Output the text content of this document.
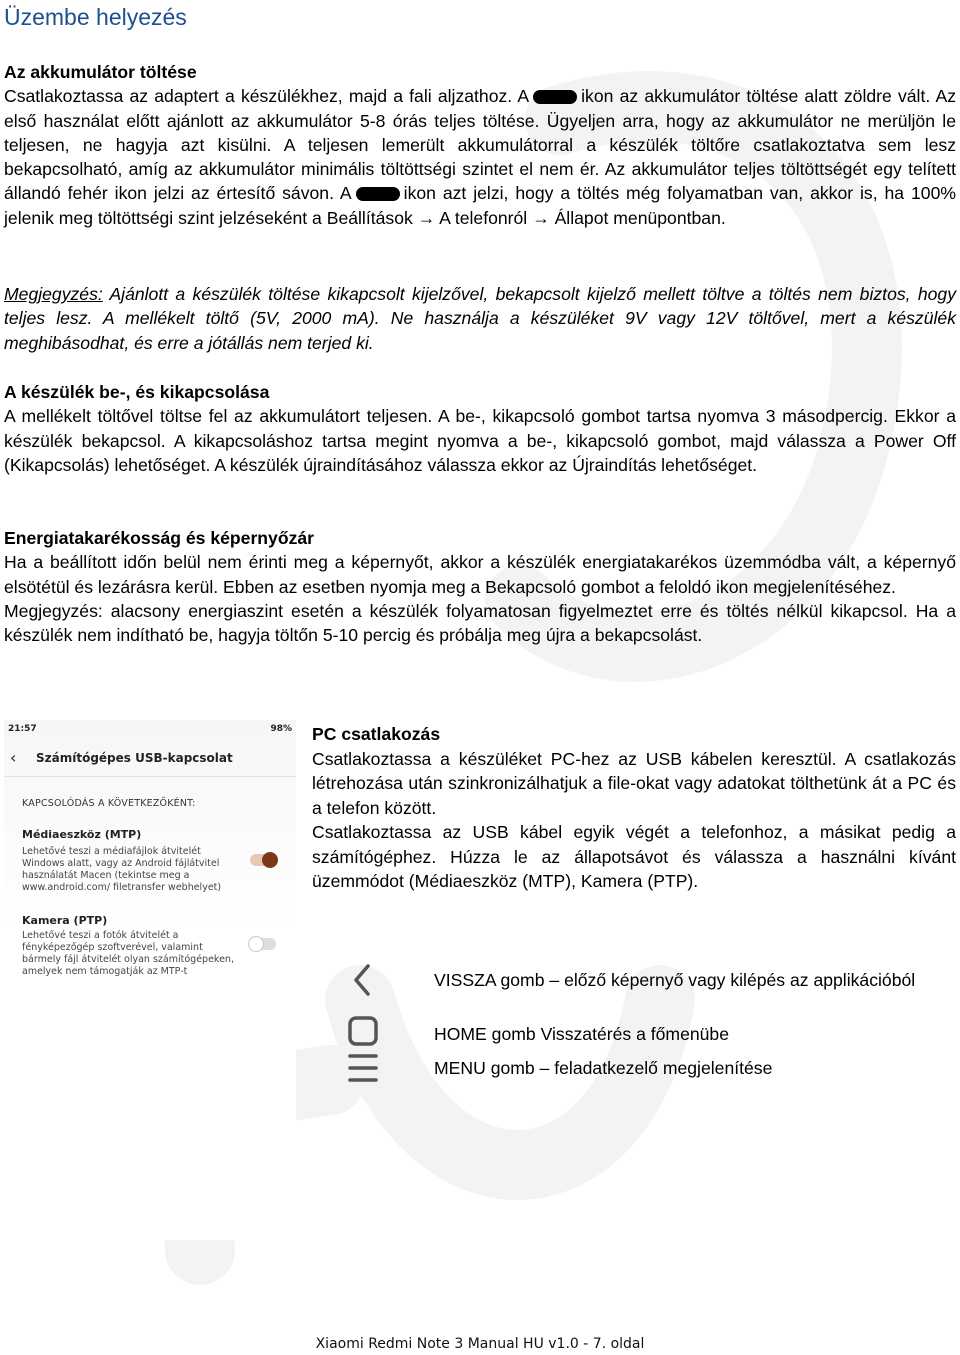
Üzembe helyezés

Az akkumulátor töltése

Csatlakoztassa az adaptert a készülékhez, majd a fali aljzathoz. A	ikon az akkumulátor töltése alatt zöldre vált. Az első használat előtt ajánlott az akkumulátor 5-8 órás teljes töltése. Ügyeljen arra, hogy az akkumulátor ne merüljön le teljesen, ne hagyja azt kisülni. A teljesen lemerült akkumulátorral a készülék töltőre csatlakoztatva sem lesz bekapcsolható, amíg az akkumulátor minimális töltöttségi szintet el nem ér. Az akkumulátor teljes töltöttségét egy telített állandó fehér ikon jelzi az értesítő sávon. A	ikon azt jelzi, hogy a töltés még folyamatban van, akkor is, ha 100% jelenik meg töltöttségi szint jelzéseként a Beállítások → A telefonról → Állapot menüpontban.

Megjegyzés: Ajánlott a készülék töltése kikapcsolt kijelzővel, bekapcsolt kijelző mellett töltve a töltés nem biztos, hogy teljes lesz. A mellékelt töltő (5V, 2000 mA). Ne használja a készüléket 9V vagy 12V töltővel, mert a készülék meghibásodhat, és erre a jótállás nem terjed ki.

A készülék be-, és kikapcsolása

A mellékelt töltővel töltse fel az akkumulátort teljesen. A be-, kikapcsoló gombot tartsa nyomva 3 másodpercig. Ekkor a készülék bekapcsol. A kikapcsoláshoz tartsa megint nyomva a be-, kikapcsoló gombot, majd válassza a Power Off (Kikapcsolás) lehetőséget. A készülék újraindításához válassza ekkor az Újraindítás lehetőséget.

Energiatakarékosság és képernyőzár

Ha a beállított időn belül nem érinti meg a képernyőt, akkor a készülék energiatakarékos üzemmódba vált, a képernyő elsötétül és lezárásra kerül. Ebben az esetben nyomja meg a Bekapcsoló gombot a feloldó ikon megjelenítéséhez.

Megjegyzés: alacsony energiaszint esetén a készülék folyamatosan figyelmeztet erre és töltés nélkül kikapcsol. Ha a készülék nem indítható be, hagyja töltőn 5-10 percig és próbálja meg újra a bekapcsolást.

21:57	98%
‹ Számítógépes USB-kapcsolat
KAPCSOLÓDÁS A KÖVETKEZŐKÉNT:
Médiaeszköz (MTP)
Lehetővé teszi a médiafájlok átvitelét Windows alatt, vagy az Android fájlátvitel használatát Macen (tekintse meg a www.android.com/ filetransfer webhelyet)
Kamera (PTP)
Lehetővé teszi a fotók átvitelét a fényképezőgép szoftverével, valamint bármely fájl átvitelét olyan számítógépeken, amelyek nem támogatják az MTP-t

PC csatlakozás

Csatlakoztassa a készüléket PC-hez az USB kábelen keresztül. A csatlakozás létrehozása után szinkronizálhatjuk a file-okat vagy adatokat tölthetünk át a PC és a telefon között.

Csatlakoztassa az USB kábel egyik végét a telefonhoz, a másikat pedig a számítógéphez. Húzza le az állapotsávot és válassza a használni kívánt üzemmódot (Médiaeszköz (MTP), Kamera (PTP).

VISSZA gomb – előző képernyő vagy kilépés az applikációból
HOME gomb Visszatérés a főmenübe
MENU gomb – feladatkezelő megjelenítése
Xiaomi Redmi Note 3 Manual HU v1.0 - 7. oldal
